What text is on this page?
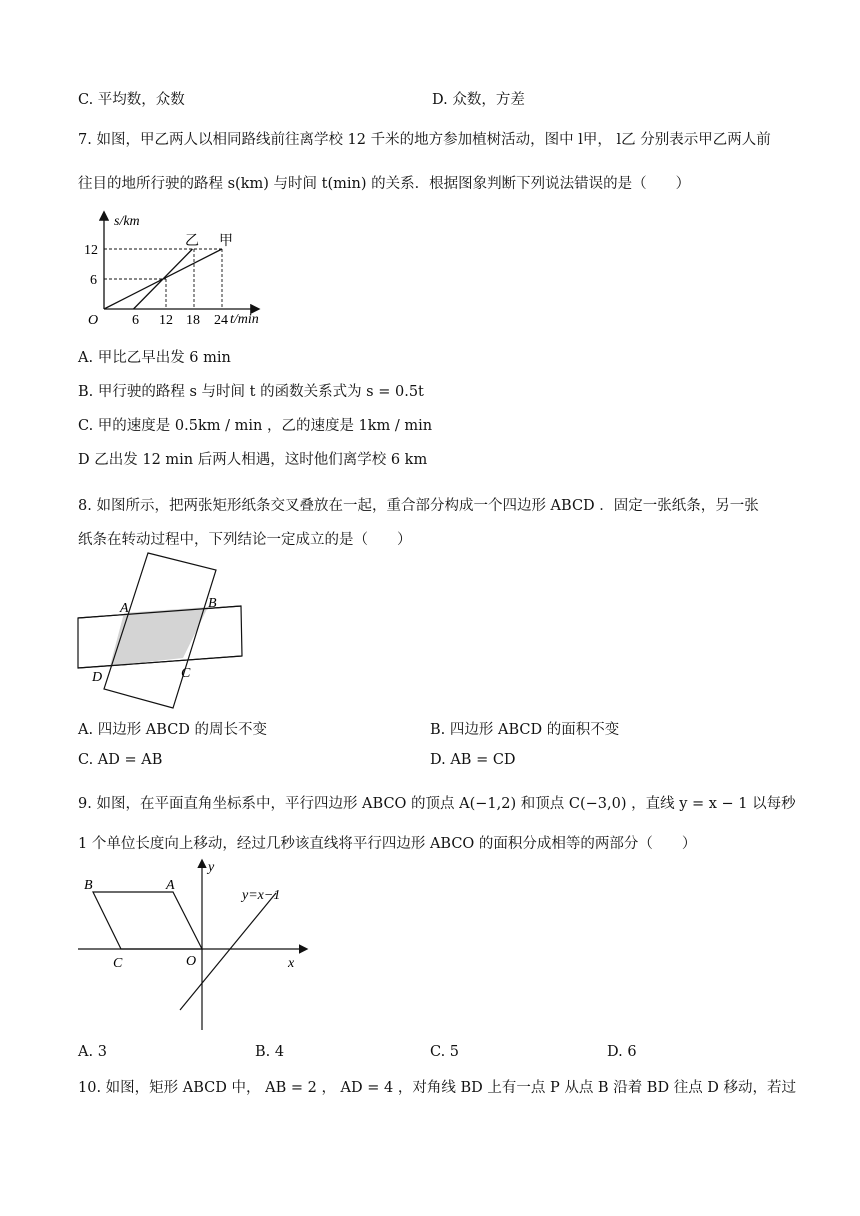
C. 平均数，众数	D. 众数，方差
7. 如图，甲乙两人以相同路线前往离学校 12 千米的地方参加植树活动，图中 l甲， l乙 分别表示甲乙两人前
往目的地所行驶的路程 s(km) 与时间 t(min) 的关系．根据图象判断下列说法错误的是（　　）
s/km
t/min
O
12
6
6 12 18 24
乙 甲
A. 甲比乙早出发 6 min
B. 甲行驶的路程 s 与时间 t 的函数关系式为 s = 0.5t
C. 甲的速度是 0.5km / min ，乙的速度是 1km / min
D 乙出发 12 min 后两人相遇，这时他们离学校 6 km
8. 如图所示，把两张矩形纸条交叉叠放在一起，重合部分构成一个四边形 ABCD ．固定一张纸条，另一张
纸条在转动过程中，下列结论一定成立的是（　　）
A	B
C
D
A. 四边形 ABCD 的周长不变	B. 四边形 ABCD 的面积不变
C. AD = AB	D. AB = CD
9. 如图，在平面直角坐标系中，平行四边形 ABCO 的顶点 A(−1,2) 和顶点 C(−3,0) ，直线 y = x − 1 以每秒
1 个单位长度向上移动，经过几秒该直线将平行四边形 ABCO 的面积分成相等的两部分（　　）
B	A
C	O
y
x
y=x−1
A. 3	B. 4	C. 5	D. 6
10. 如图，矩形 ABCD 中， AB = 2 ， AD = 4 ，对角线 BD 上有一点 P 从点 B 沿着 BD 往点 D 移动，若过
